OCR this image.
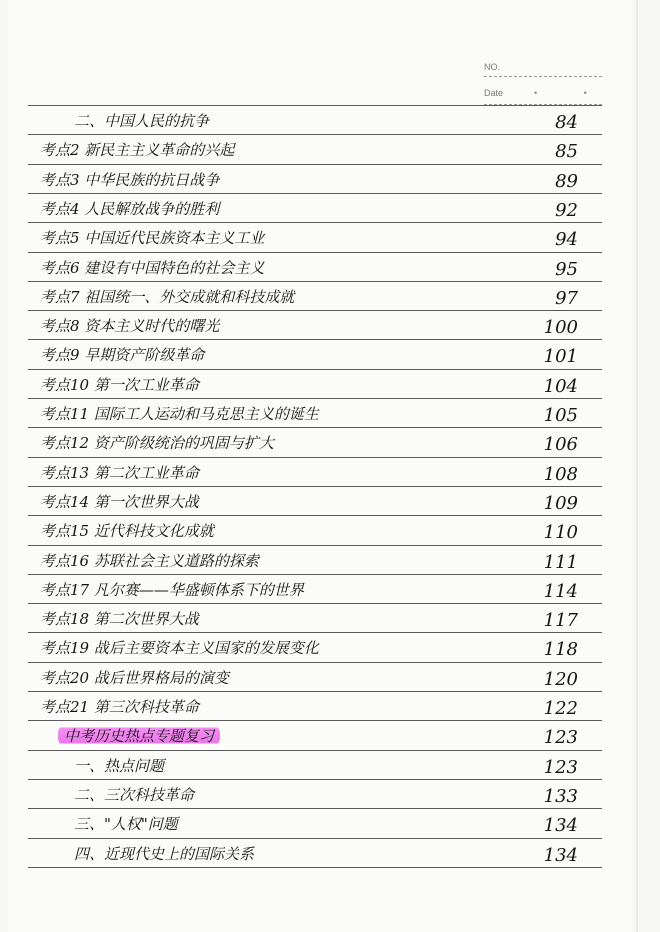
NO.
Date	• •
二、中国人民的抗争	84
考点2 新民主主义革命的兴起	85
考点3 中华民族的抗日战争	89
考点4 人民解放战争的胜利	92
考点5 中国近代民族资本主义工业	94
考点6 建设有中国特色的社会主义	95
考点7 祖国统一、外交成就和科技成就	97
考点8 资本主义时代的曙光	100
考点9 早期资产阶级革命	101
考点10 第一次工业革命	104
考点11 国际工人运动和马克思主义的诞生	105
考点12 资产阶级统治的巩固与扩大	106
考点13 第二次工业革命	108
考点14 第一次世界大战	109
考点15 近代科技文化成就	110
考点16 苏联社会主义道路的探索	111
考点17 凡尔赛——华盛顿体系下的世界	114
考点18 第二次世界大战	117
考点19 战后主要资本主义国家的发展变化	118
考点20 战后世界格局的演变	120
考点21 第三次科技革命	122
中考历史热点专题复习	123
一、热点问题	123
二、三次科技革命	133
三、"人权"问题	134
四、近现代史上的国际关系	134
